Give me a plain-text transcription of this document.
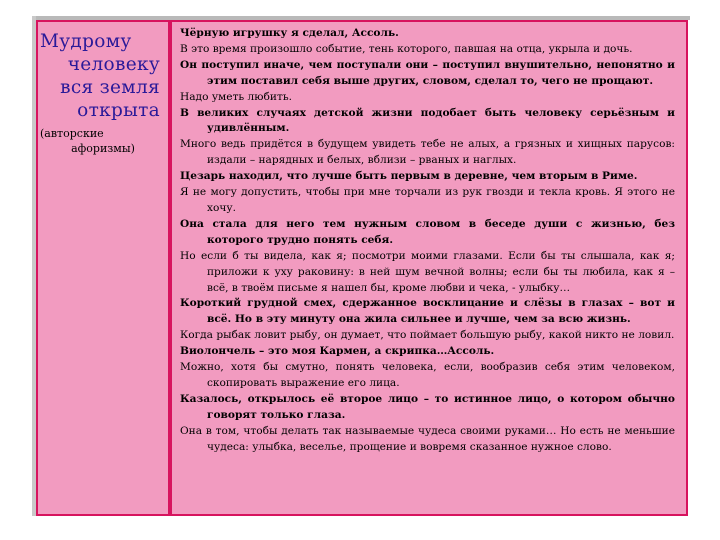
Мудрому
человеку
вся земля
открыта
(авторские
афоризмы)
Чёрную игрушку я сделал, Ассоль.
В это время произошло событие, тень которого, павшая на отца, укрыла и дочь.
Он поступил иначе, чем поступали они – поступил внушительно, непонятно и этим поставил себя выше других, словом, сделал то, чего не прощают.
Надо уметь любить.
В великих случаях детской жизни подобает быть человеку серьёзным и удивлённым.
Много ведь придётся в будущем увидеть тебе не алых, а грязных и хищных парусов: издали – нарядных и белых, вблизи – рваных и наглых.
Цезарь находил, что лучше быть первым в деревне, чем вторым в Риме.
Я не могу допустить, чтобы при мне торчали из рук гвозди и текла кровь. Я этого не хочу.
Она стала для него тем нужным словом в беседе души с жизнью, без которого трудно понять себя.
Но если б ты видела, как я; посмотри моими глазами. Если бы ты слышала, как я; приложи к уху раковину: в ней шум вечной волны; если бы ты любила, как я – всё, в твоём письме я нашел бы, кроме любви и чека, - улыбку…
Короткий грудной смех, сдержанное восклицание и слёзы в глазах – вот и всё. Но в эту минуту она жила сильнее и лучше, чем за всю жизнь.
Когда рыбак ловит рыбу, он думает, что поймает большую рыбу, какой никто не ловил.
Виолончель – это моя Кармен, а скрипка…Ассоль.
Можно, хотя бы смутно, понять человека, если, вообразив себя этим человеком, скопировать выражение его лица.
Казалось, открылось её второе лицо – то истинное лицо, о котором обычно говорят только глаза.
Она в том, чтобы делать так называемые чудеса своими руками… Но есть не меньшие чудеса: улыбка, веселье, прощение и вовремя сказанное нужное слово.
